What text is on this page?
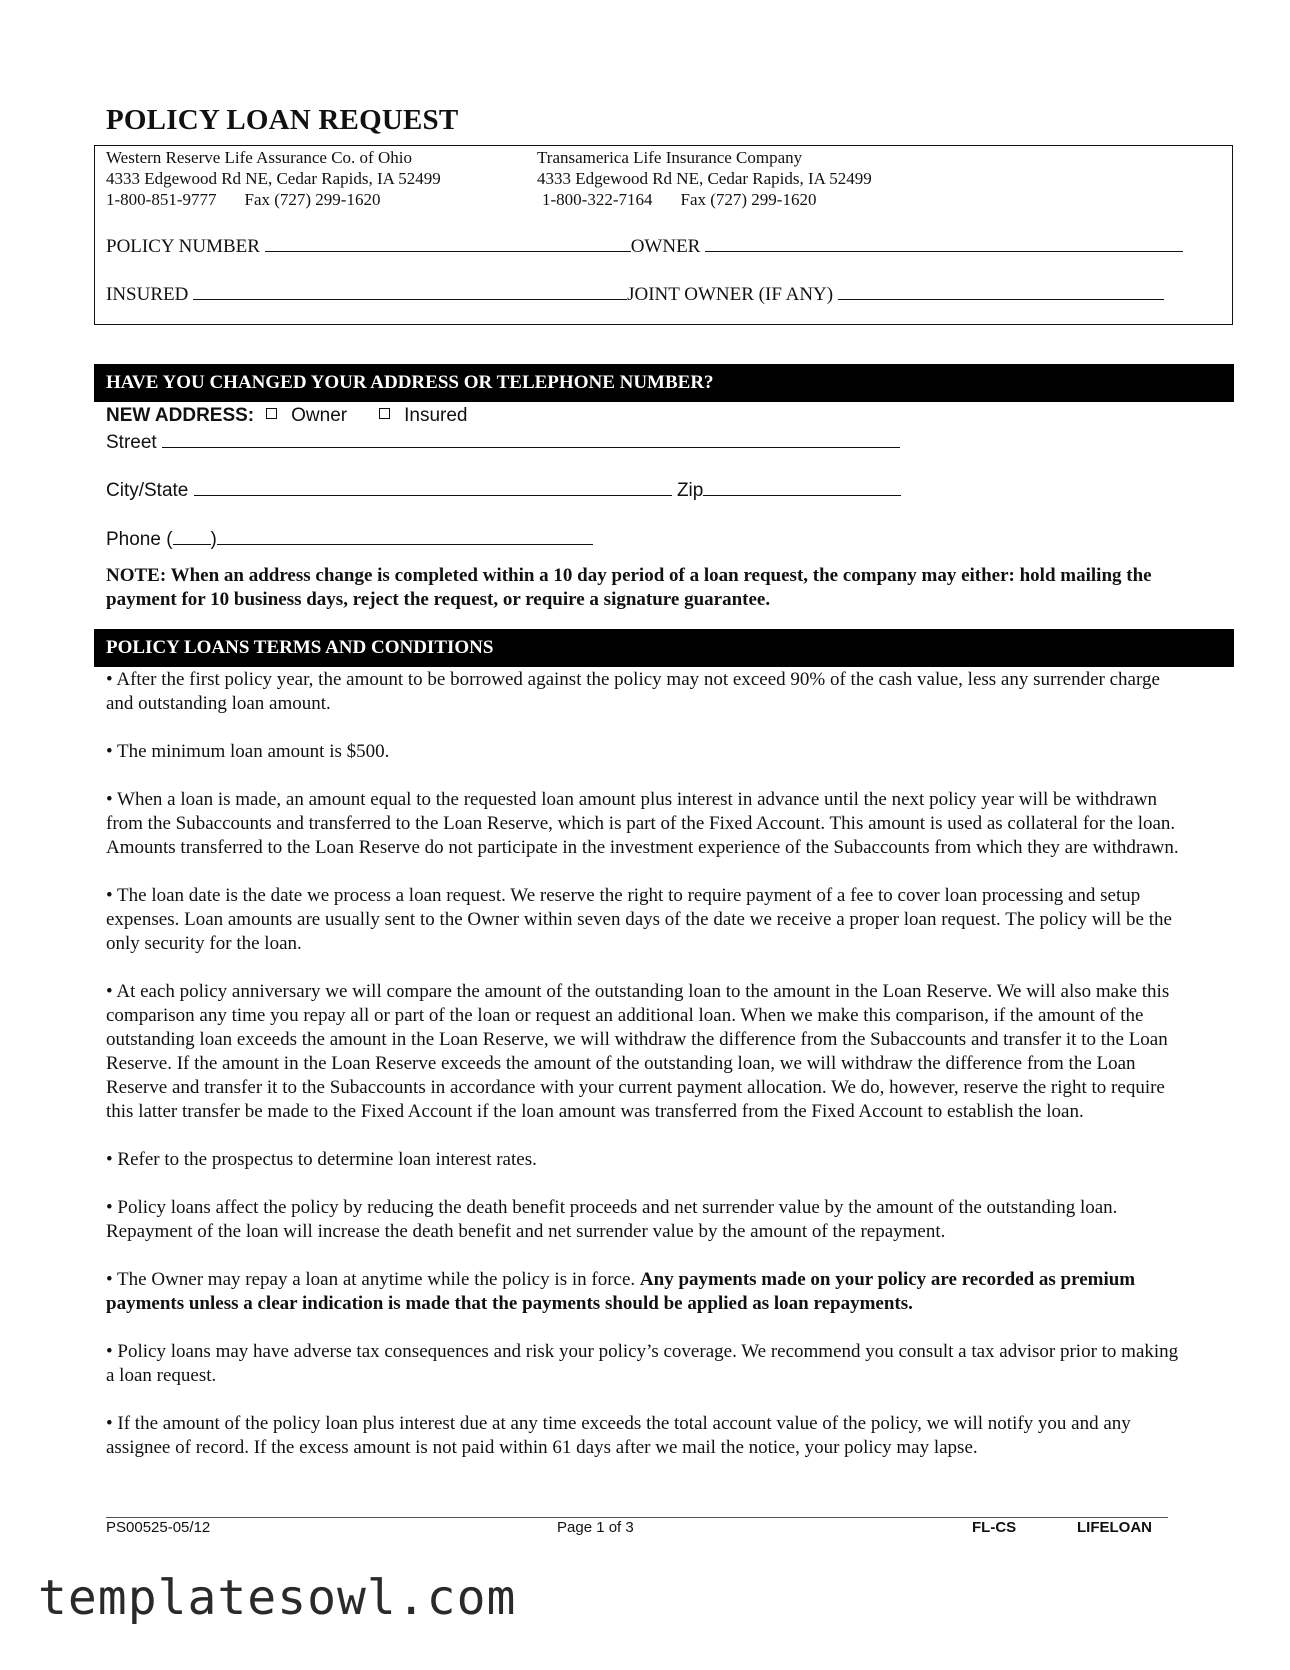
POLICY LOAN REQUEST
Western Reserve Life Assurance Co. of Ohio
4333 Edgewood Rd NE, Cedar Rapids, IA 52499
1-800-851-9777 Fax (727) 299-1620
Transamerica Life Insurance Company
4333 Edgewood Rd NE, Cedar Rapids, IA 52499
1-800-322-7164 Fax (727) 299-1620
POLICY NUMBER	OWNER
INSURED	JOINT OWNER (IF ANY)
HAVE YOU CHANGED YOUR ADDRESS OR TELEPHONE NUMBER?
NEW ADDRESS: Owner	Insured
Street
City/State	Zip
Phone ( )
NOTE: When an address change is completed within a 10 day period of a loan request, the company may either: hold mailing the payment for 10 business days, reject the request, or require a signature guarantee.
POLICY LOANS TERMS AND CONDITIONS

• After the first policy year, the amount to be borrowed against the policy may not exceed 90% of the cash value, less any surrender charge and outstanding loan amount.

• The minimum loan amount is $500.

• When a loan is made, an amount equal to the requested loan amount plus interest in advance until the next policy year will be withdrawn from the Subaccounts and transferred to the Loan Reserve, which is part of the Fixed Account. This amount is used as collateral for the loan. Amounts transferred to the Loan Reserve do not participate in the investment experience of the Subaccounts from which they are withdrawn.

• The loan date is the date we process a loan request. We reserve the right to require payment of a fee to cover loan processing and setup expenses. Loan amounts are usually sent to the Owner within seven days of the date we receive a proper loan request. The policy will be the only security for the loan.

• At each policy anniversary we will compare the amount of the outstanding loan to the amount in the Loan Reserve. We will also make this comparison any time you repay all or part of the loan or request an additional loan. When we make this comparison, if the amount of the outstanding loan exceeds the amount in the Loan Reserve, we will withdraw the difference from the Subaccounts and transfer it to the Loan Reserve. If the amount in the Loan Reserve exceeds the amount of the outstanding loan, we will withdraw the difference from the Loan Reserve and transfer it to the Subaccounts in accordance with your current payment allocation. We do, however, reserve the right to require this latter transfer be made to the Fixed Account if the loan amount was transferred from the Fixed Account to establish the loan.

• Refer to the prospectus to determine loan interest rates.

• Policy loans affect the policy by reducing the death benefit proceeds and net surrender value by the amount of the outstanding loan. Repayment of the loan will increase the death benefit and net surrender value by the amount of the repayment.

• The Owner may repay a loan at anytime while the policy is in force. Any payments made on your policy are recorded as premium payments unless a clear indication is made that the payments should be applied as loan repayments.

• Policy loans may have adverse tax consequences and risk your policy’s coverage. We recommend you consult a tax advisor prior to making a loan request.

• If the amount of the policy loan plus interest due at any time exceeds the total account value of the policy, we will notify you and any assignee of record. If the excess amount is not paid within 61 days after we mail the notice, your policy may lapse.

PS00525-05/12	Page 1 of 3	FL-CS	LIFELOAN
templatesowl.com
